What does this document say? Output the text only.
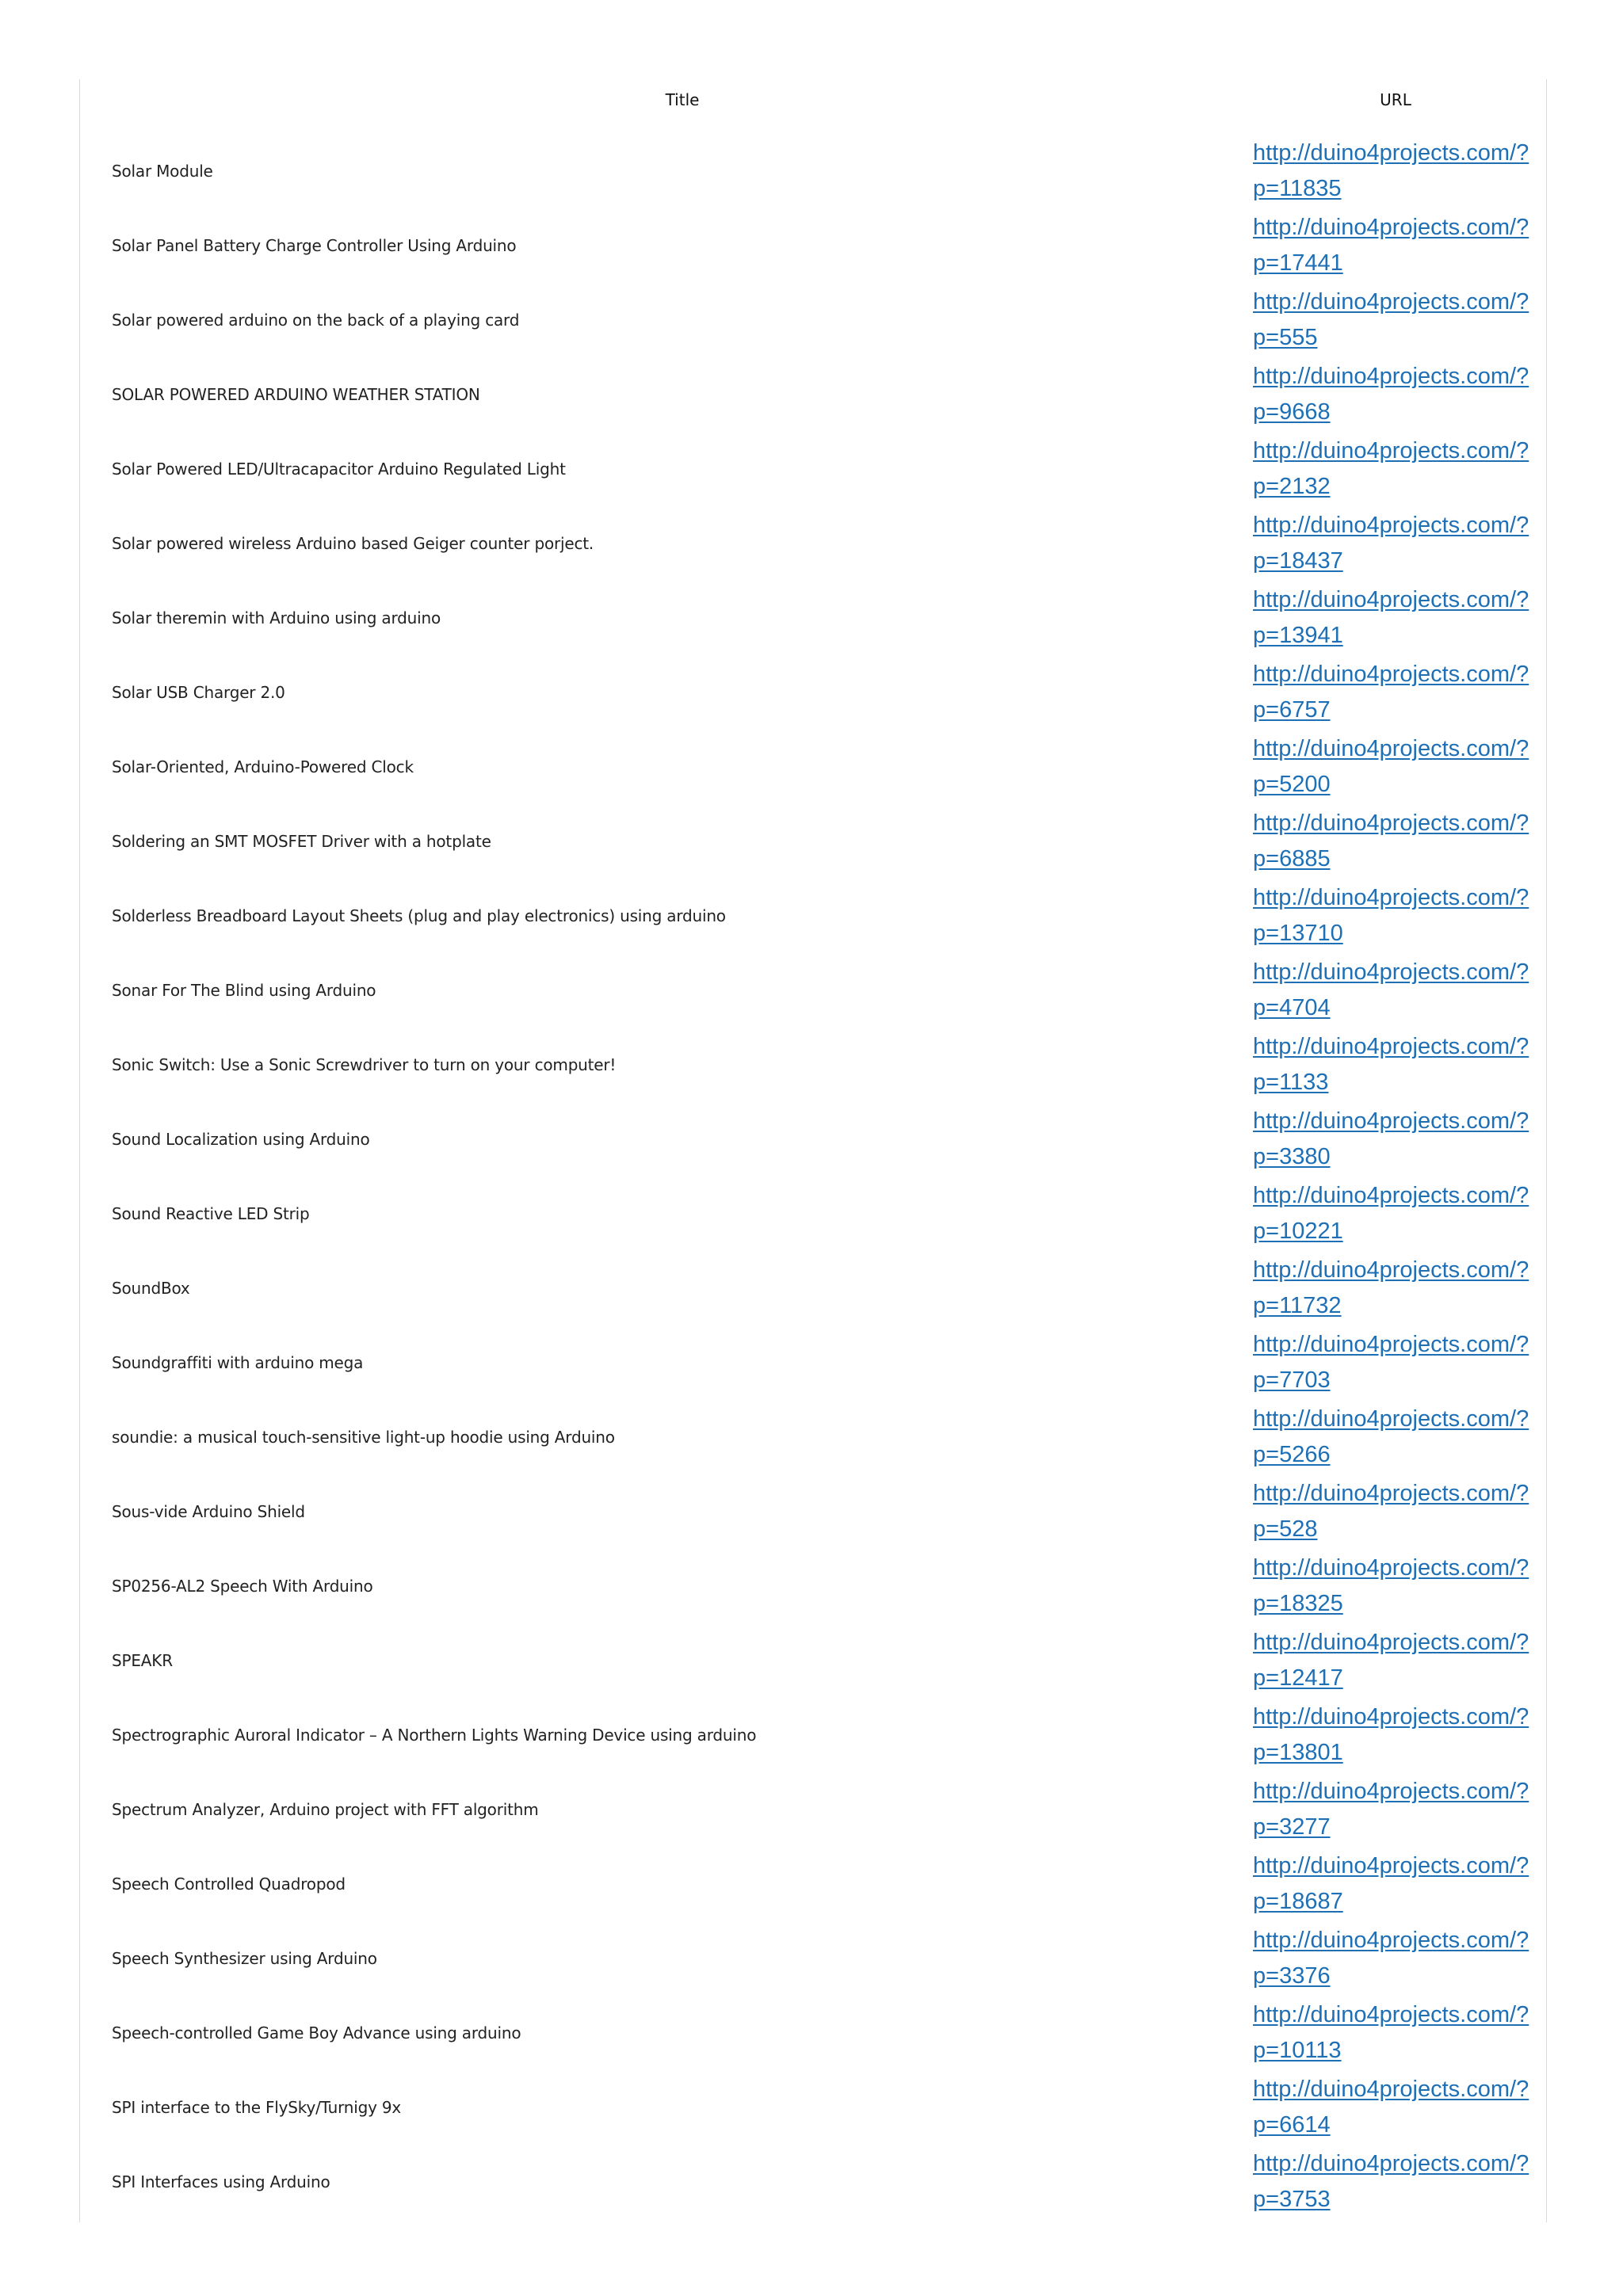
Title	URL
Solar Module	http://duino4projects.com/?
p=11835

Solar Panel Battery Charge Controller Using Arduino	http://duino4projects.com/?
p=17441

Solar powered arduino on the back of a playing card	http://duino4projects.com/?
p=555

SOLAR POWERED ARDUINO WEATHER STATION	http://duino4projects.com/?
p=9668

Solar Powered LED/Ultracapacitor Arduino Regulated Light	http://duino4projects.com/?
p=2132

Solar powered wireless Arduino based Geiger counter porject.	http://duino4projects.com/?
p=18437

Solar theremin with Arduino using arduino	http://duino4projects.com/?
p=13941

Solar USB Charger 2.0	http://duino4projects.com/?
p=6757

Solar-Oriented, Arduino-Powered Clock	http://duino4projects.com/?
p=5200

Soldering an SMT MOSFET Driver with a hotplate	http://duino4projects.com/?
p=6885

Solderless Breadboard Layout Sheets (plug and play electronics) using arduino	http://duino4projects.com/?
p=13710

Sonar For The Blind using Arduino	http://duino4projects.com/?
p=4704

Sonic Switch: Use a Sonic Screwdriver to turn on your computer!	http://duino4projects.com/?
p=1133

Sound Localization using Arduino	http://duino4projects.com/?
p=3380

Sound Reactive LED Strip	http://duino4projects.com/?
p=10221

SoundBox	http://duino4projects.com/?
p=11732

Soundgraffiti with arduino mega	http://duino4projects.com/?
p=7703

soundie: a musical touch-sensitive light-up hoodie using Arduino	http://duino4projects.com/?
p=5266

Sous-vide Arduino Shield	http://duino4projects.com/?
p=528

SP0256-AL2 Speech With Arduino	http://duino4projects.com/?
p=18325

SPEAKR	http://duino4projects.com/?
p=12417

Spectrographic Auroral Indicator – A Northern Lights Warning Device using arduino	http://duino4projects.com/?
p=13801

Spectrum Analyzer, Arduino project with FFT algorithm	http://duino4projects.com/?
p=3277

Speech Controlled Quadropod	http://duino4projects.com/?
p=18687

Speech Synthesizer using Arduino	http://duino4projects.com/?
p=3376

Speech-controlled Game Boy Advance using arduino	http://duino4projects.com/?
p=10113

SPI interface to the FlySky/Turnigy 9x	http://duino4projects.com/?
p=6614

SPI Interfaces using Arduino	http://duino4projects.com/?
p=3753
